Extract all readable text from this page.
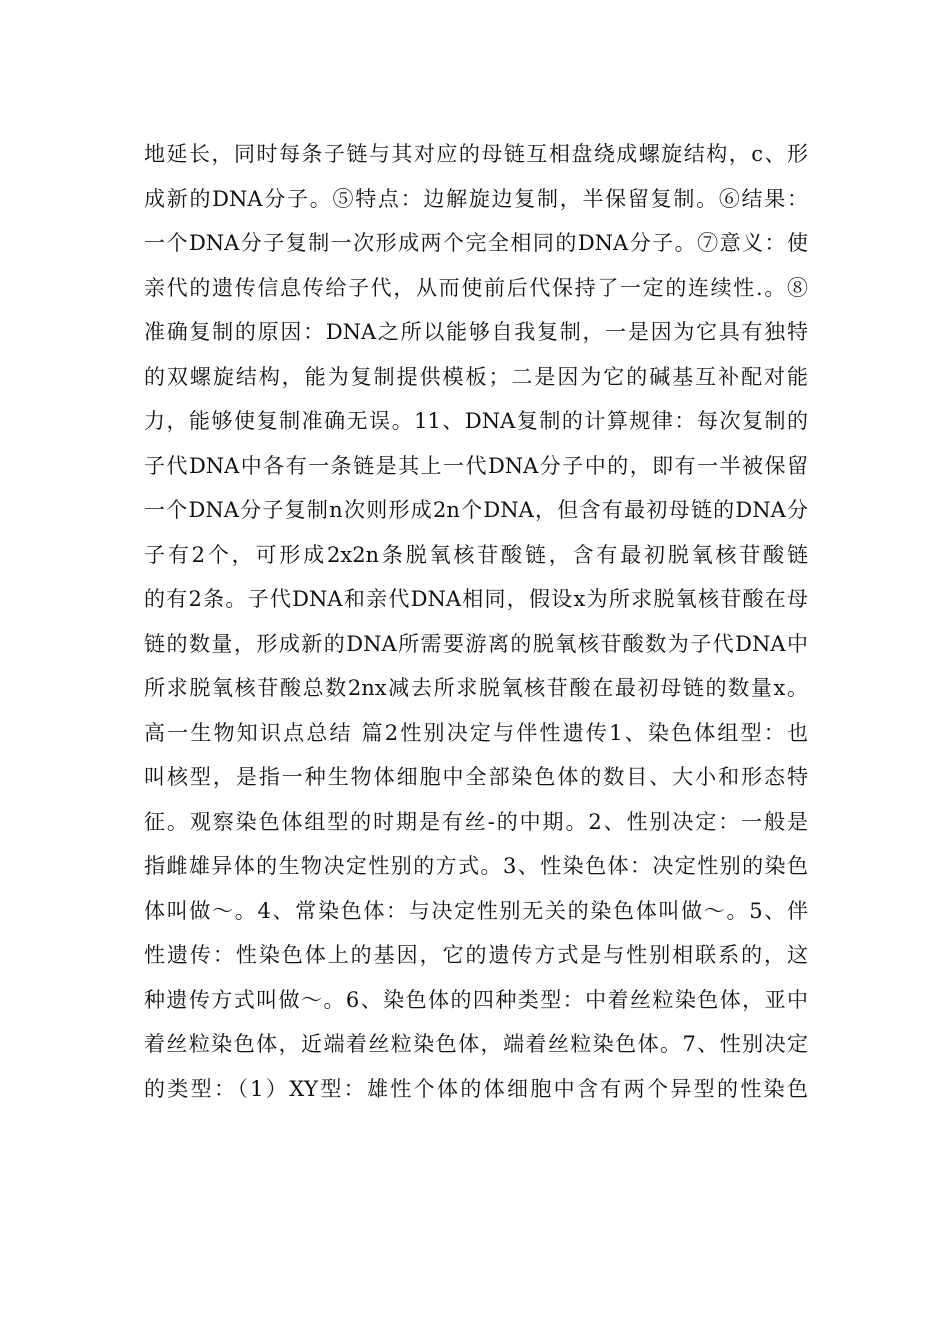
地延长，同时每条子链与其对应的母链互相盘绕成螺旋结构，c、形
成新的DNA分子。⑤特点：边解旋边复制，半保留复制。⑥结果：
一个DNA分子复制一次形成两个完全相同的DNA分子。⑦意义：使
亲代的遗传信息传给子代，从而使前后代保持了一定的连续性.。⑧
准确复制的原因：DNA之所以能够自我复制，一是因为它具有独特
的双螺旋结构，能为复制提供模板；二是因为它的碱基互补配对能
力，能够使复制准确无误。11、DNA复制的计算规律：每次复制的
子代DNA中各有一条链是其上一代DNA分子中的，即有一半被保留
一个DNA分子复制n次则形成2n个DNA，但含有最初母链的DNA分
子有2个，可形成2x2n条脱氧核苷酸链，含有最初脱氧核苷酸链
的有2条。子代DNA和亲代DNA相同，假设x为所求脱氧核苷酸在母
链的数量，形成新的DNA所需要游离的脱氧核苷酸数为子代DNA中
所求脱氧核苷酸总数2nx减去所求脱氧核苷酸在最初母链的数量x。
高一生物知识点总结 篇2性别决定与伴性遗传1、染色体组型：也
叫核型，是指一种生物体细胞中全部染色体的数目、大小和形态特
征。观察染色体组型的时期是有丝-的中期。2、性别决定：一般是
指雌雄异体的生物决定性别的方式。3、性染色体：决定性别的染色
体叫做～。4、常染色体：与决定性别无关的染色体叫做～。5、伴
性遗传：性染色体上的基因，它的遗传方式是与性别相联系的，这
种遗传方式叫做～。6、染色体的四种类型：中着丝粒染色体，亚中
着丝粒染色体，近端着丝粒染色体，端着丝粒染色体。7、性别决定
的类型：（1）XY型：雄性个体的体细胞中含有两个异型的性染色
